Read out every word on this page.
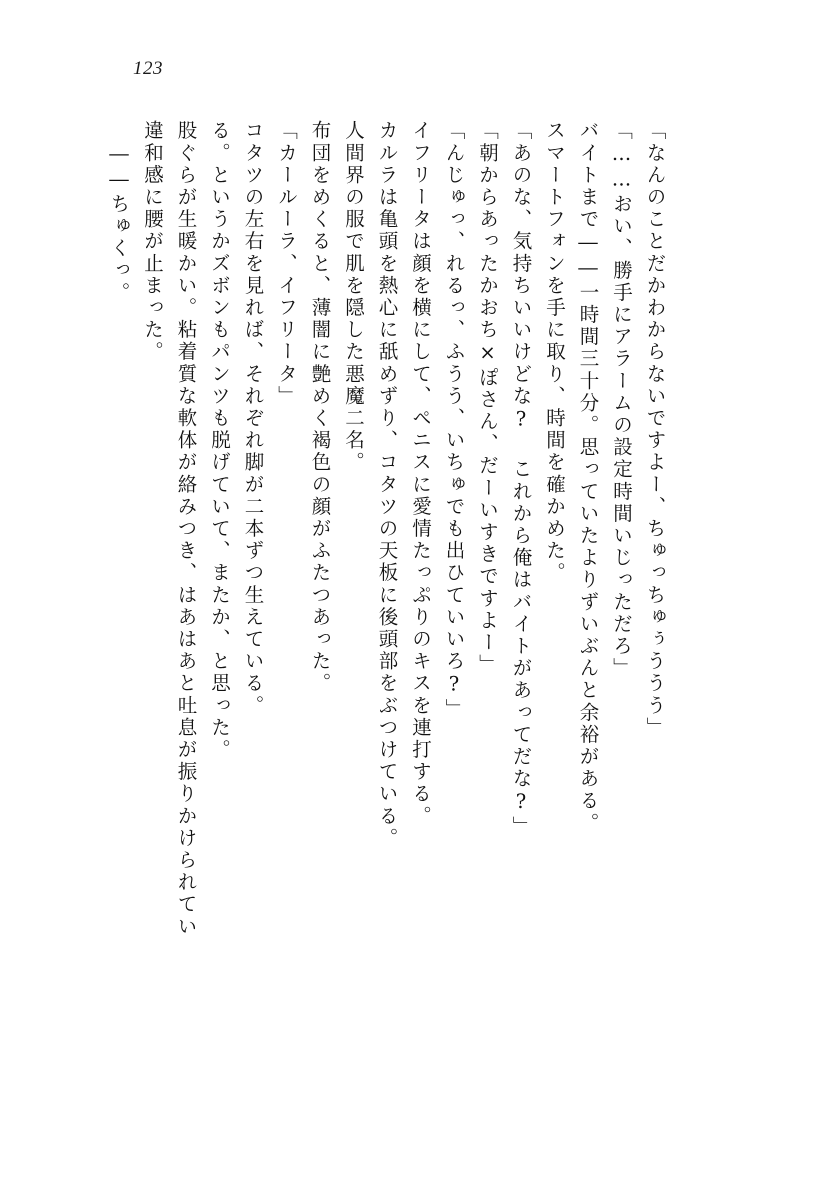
123
――ちゅくっ。 違和感に腰が止まった。 股ぐらが生暖かい。粘着質な軟体が絡みつき、はあはあと吐息が振りかけられてい る。というかズボンもパンツも脱げていて、またか、と思った。 コタツの左右を見れば、それぞれ脚が二本ずつ生えている。 「カールーラ、イフリータ」 布団をめくると、薄闇に艶めく褐色の顔がふたつあった。 人間界の服で肌を隠した悪魔二名。 カルラは亀頭を熱心に舐めずり、コタツの天板に後頭部をぶつけている。 イフリータは顔を横にして、ペニスに愛情たっぷりのキスを連打する。 「んじゅっ、れるっ、ふうう、いちゅでも出ひていいろ?」 「朝からあったかおち×ぽさん、だーいすきですよー」 「あのな、気持ちいいけどな? これから俺はバイトがあってだな?」 スマートフォンを手に取り、時間を確かめた。 バイトまで――一時間三十分。思っていたよりずいぶんと余裕がある。 「……おい、勝手にアラームの設定時間いじっただろ」 「なんのことだかわからないですよー、ちゅっちゅぅううう」
